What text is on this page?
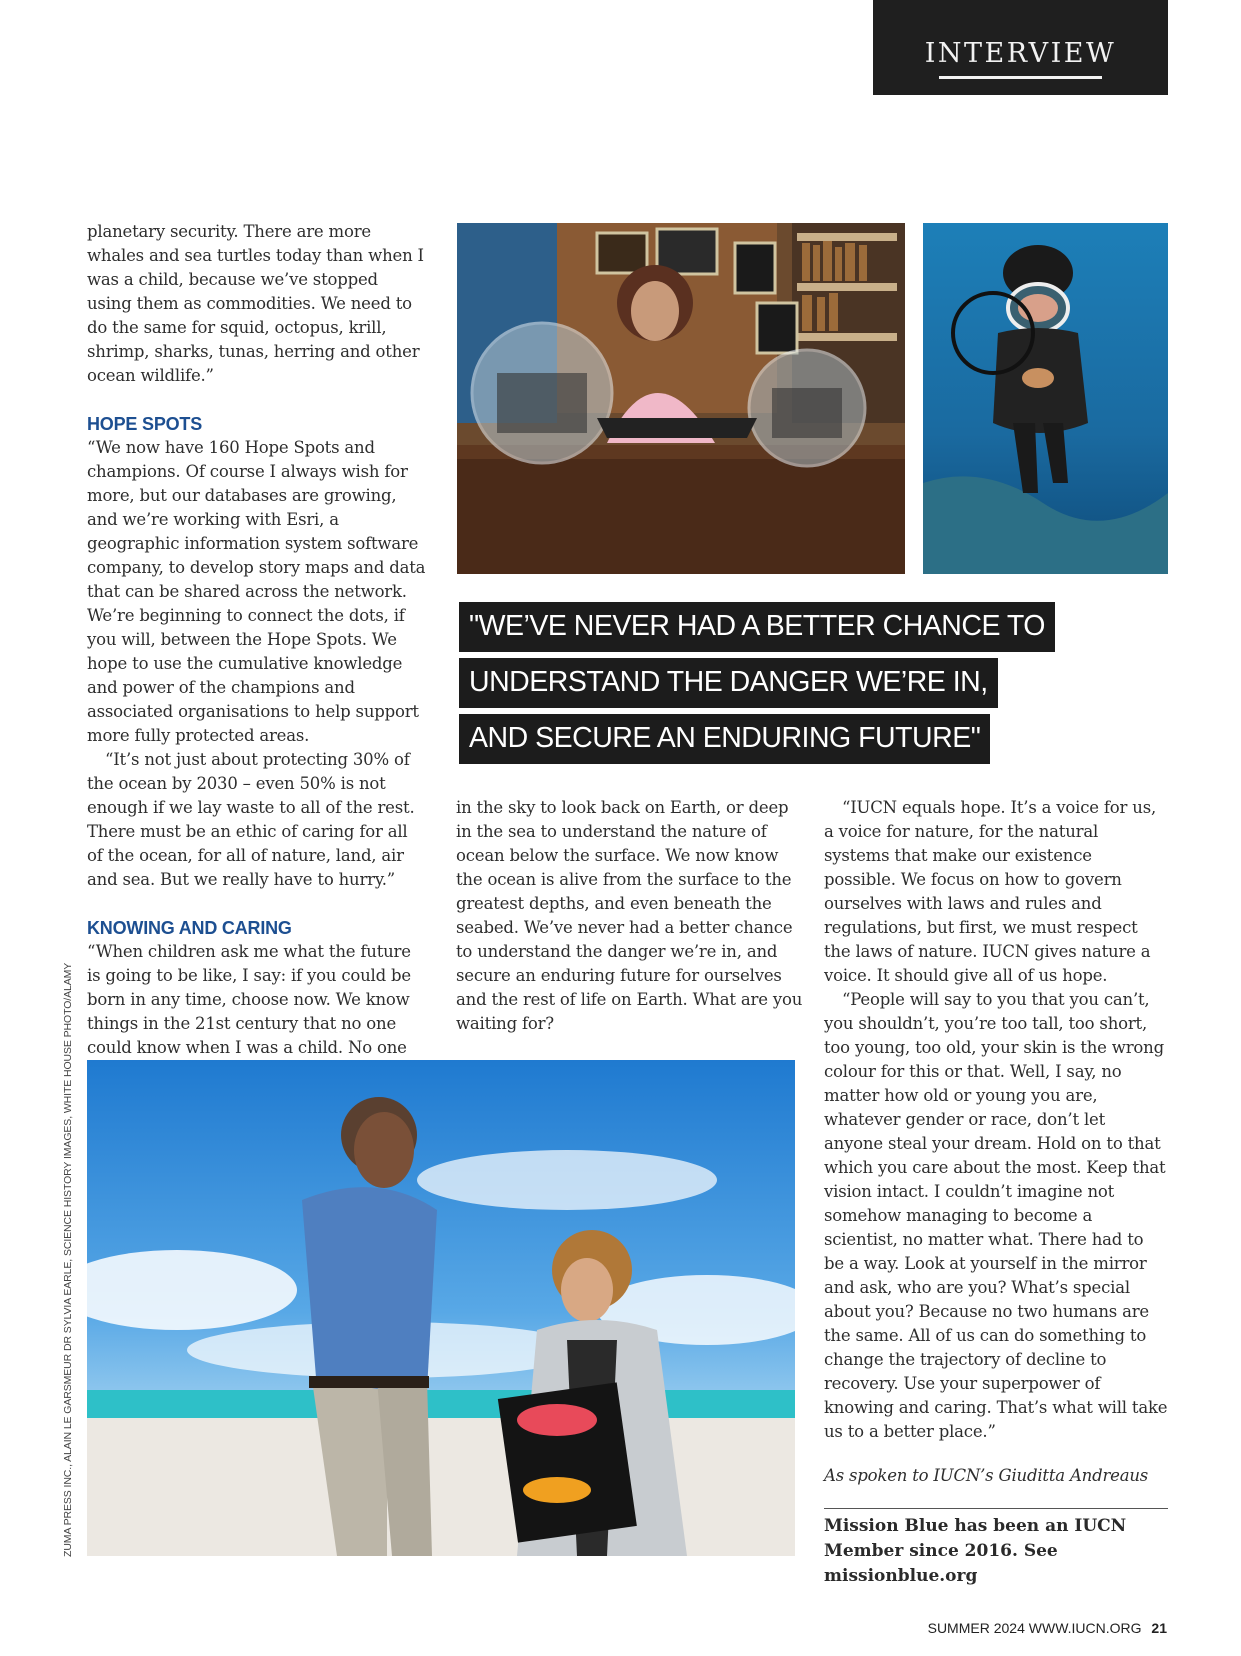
INTERVIEW

planetary security. There are more whales and sea turtles today than when I was a child, because we’ve stopped using them as commodities. We need to do the same for squid, octopus, krill, shrimp, sharks, tunas, herring and other ocean wildlife.”

HOPE SPOTS

“We now have 160 Hope Spots and champions. Of course I always wish for more, but our databases are growing, and we’re working with Esri, a geographic information system software company, to develop story maps and data that can be shared across the network. We’re beginning to connect the dots, if you will, between the Hope Spots. We hope to use the cumulative knowledge and power of the champions and associated organisations to help support more fully protected areas.

“It’s not just about protecting 30% of the ocean by 2030 – even 50% is not enough if we lay waste to all of the rest. There must be an ethic of caring for all of the ocean, for all of nature, land, air and sea. But we really have to hurry.”

KNOWING AND CARING

“When children ask me what the future is going to be like, I say: if you could be born in any time, choose now. We know things in the 21st century that no one could know when I was a child. No one

"WE’VE NEVER HAD A BETTER CHANCE TO
UNDERSTAND THE DANGER WE’RE IN,
AND SECURE AN ENDURING FUTURE"

in the sky to look back on Earth, or deep in the sea to understand the nature of ocean below the surface. We now know the ocean is alive from the surface to the greatest depths, and even beneath the seabed. We’ve never had a better chance to understand the danger we’re in, and secure an enduring future for ourselves and the rest of life on Earth. What are you waiting for?

“IUCN equals hope. It’s a voice for us, a voice for nature, for the natural systems that make our existence possible. We focus on how to govern ourselves with laws and rules and regulations, but first, we must respect the laws of nature. IUCN gives nature a voice. It should give all of us hope.

“People will say to you that you can’t, you shouldn’t, you’re too tall, too short, too young, too old, your skin is the wrong colour for this or that. Well, I say, no matter how old or young you are, whatever gender or race, don’t let anyone steal your dream. Hold on to that which you care about the most. Keep that vision intact. I couldn’t imagine not somehow managing to become a scientist, no matter what. There had to be a way. Look at yourself in the mirror and ask, who are you? What’s special about you? Because no two humans are the same. All of us can do something to change the trajectory of decline to recovery. Use your superpower of knowing and caring. That’s what will take us to a better place.”

As spoken to IUCN’s Giuditta Andreaus

Mission Blue has been an IUCN Member since 2016. See missionblue.org
ZUMA PRESS INC., ALAIN LE GARSMEUR DR SYLVIA EARLE, SCIENCE HISTORY IMAGES, WHITE HOUSE PHOTO/ALAMY
SUMMER 2024 WWW.IUCN.ORG 21
